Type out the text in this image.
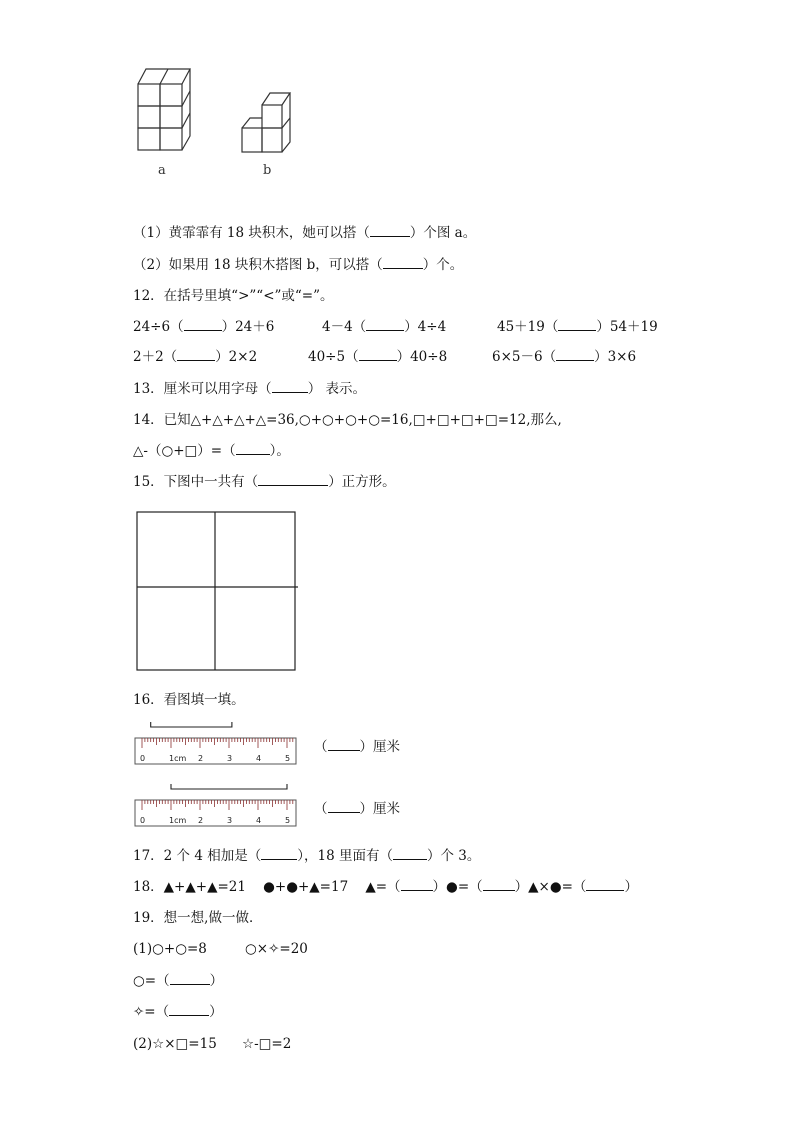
a	b
（1）黄霏霏有 18 块积木，她可以搭（	）个图 a。
（2）如果用 18 块积木搭图 b，可以搭（	）个。
12．在括号里填“>”“<”或“=”。
24÷6（	）24＋6	4－4（	）4÷4	45＋19（	）54＋19
2＋2（	）2×2	40÷5（	）40÷8	6×5－6（	）3×6
13．厘米可以用字母（	） 表示。
14．已知△+△+△+△=36,○+○+○+○=16,□+□+□+□=12,那么,
△-（○+□）=（	）。
15．下图中一共有（	）正方形。
16．看图填一填。
0	1cm 2	3	4	5
（ ）厘米
0	1cm 2	3	4	5
（ ）厘米
17．2 个 4 相加是（	），18 里面有（	）个 3。
18．▲+▲+▲=21 ●+●+▲=17 ▲=（ ）●=（ ）▲×●=（	）
19．想一想,做一做．
(1)○+○=8	○×✧=20
○=（	）
✧=（	）
(2)☆×□=15 ☆-□=2
